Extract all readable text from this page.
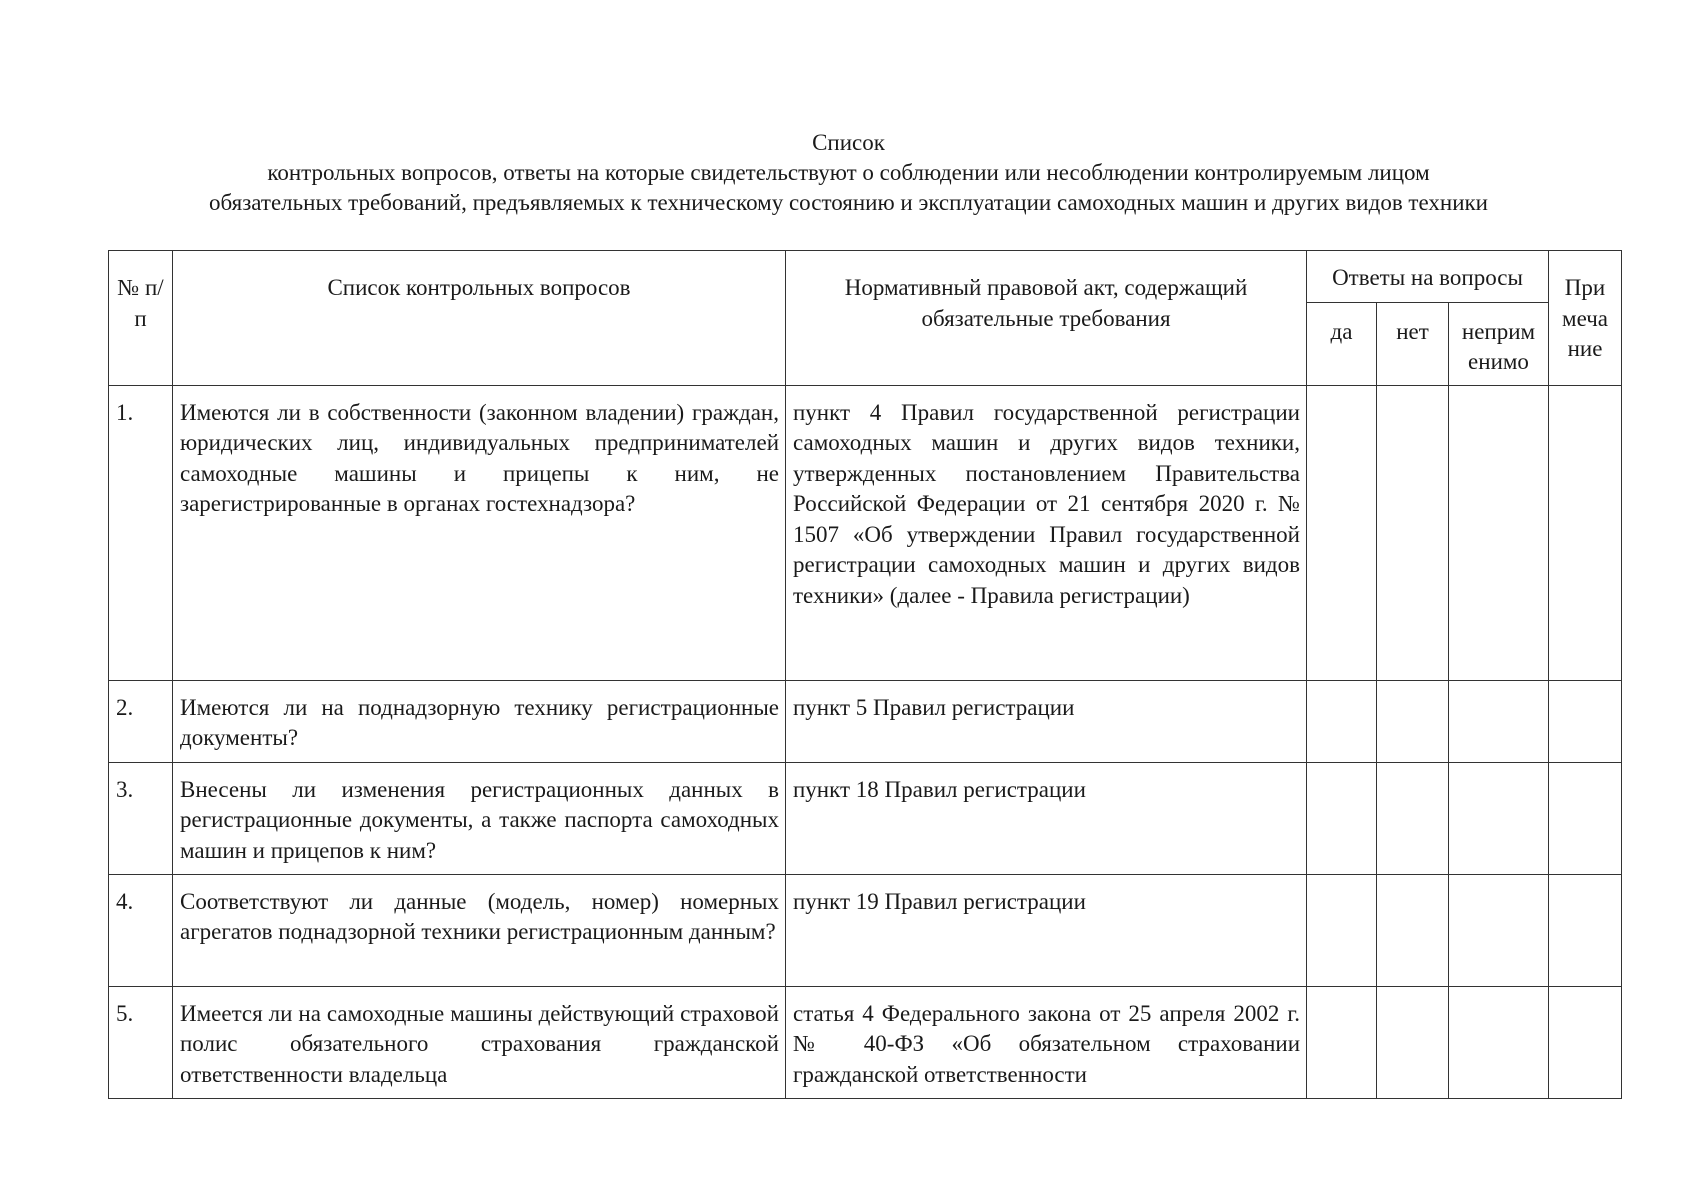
Список
контрольных вопросов, ответы на которые свидетельствуют о соблюдении или несоблюдении контролируемым лицом
обязательных требований, предъявляемых к техническому состоянию и эксплуатации самоходных машин и других видов техники
№ п/п	Список контрольных вопросов	Нормативный правовой акт, содержащий обязательные требования	Ответы на вопросы			При меча ние

			да	нет	неприм енимо	

1.	Имеются ли в собственности (законном владении) граждан, юридических лиц, индивидуальных предпринимателей самоходные машины и прицепы к ним, не зарегистрированные в органах гостехнадзора?	пункт 4 Правил государственной регистрации самоходных машин и других видов техники, утвержденных постановлением Правительства Российской Федерации от 21 сентября 2020 г. № 1507 «Об утверждении Правил государственной регистрации самоходных машин и других видов техники» (далее - Правила регистрации)				

2.	Имеются ли на поднадзорную технику регистрационные документы?	пункт 5 Правил регистрации				

3.	Внесены ли изменения регистрационных данных в регистрационные документы, а также паспорта самоходных машин и прицепов к ним?	пункт 18 Правил регистрации				

4.	Соответствуют ли данные (модель, номер) номерных агрегатов поднадзорной техники регистрационным данным?	пункт 19 Правил регистрации				

5.	Имеется ли на самоходные машины действующий страховой полис обязательного страхования гражданской ответственности владельца	статья 4 Федерального закона от 25 апреля 2002 г. № 40-ФЗ «Об обязательном страховании гражданской ответственности				
